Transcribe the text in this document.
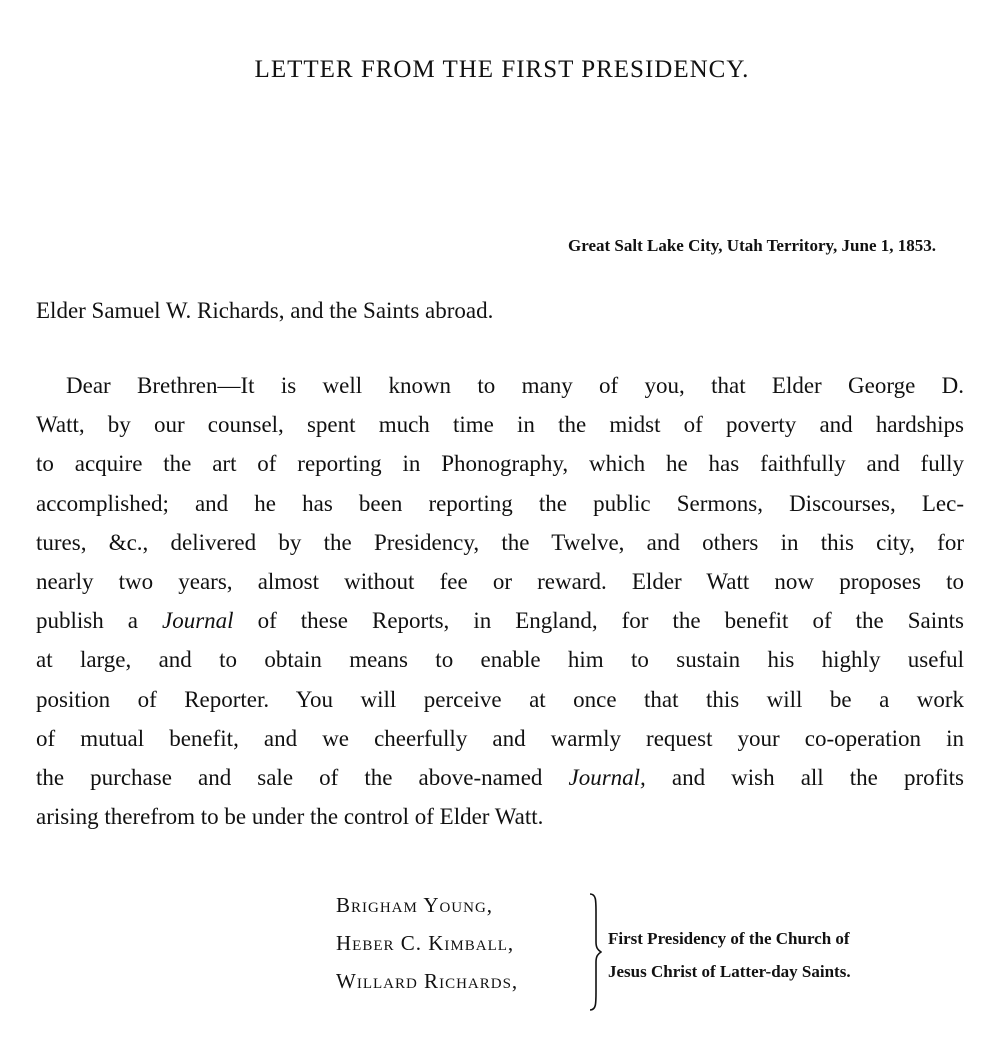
LETTER FROM THE FIRST PRESIDENCY.

Great Salt Lake City, Utah Territory, June 1, 1853.

Elder Samuel W. Richards, and the Saints abroad.

Dear Brethren—It is well known to many of you, that Elder George D.
Watt, by our counsel, spent much time in the midst of poverty and hardships
to acquire the art of reporting in Phonography, which he has faithfully and fully
accomplished; and he has been reporting the public Sermons, Discourses, Lec-
tures, &c., delivered by the Presidency, the Twelve, and others in this city, for
nearly two years, almost without fee or reward. Elder Watt now proposes to
publish a Journal of these Reports, in England, for the benefit of the Saints
at large, and to obtain means to enable him to sustain his highly useful
position of Reporter. You will perceive at once that this will be a work
of mutual benefit, and we cheerfully and warmly request your co-operation in
the purchase and sale of the above-named Journal, and wish all the profits
arising therefrom to be under the control of Elder Watt.
Brigham Young,
Heber C. Kimball,
Willard Richards,
First Presidency of the Church of
Jesus Christ of Latter-day Saints.
